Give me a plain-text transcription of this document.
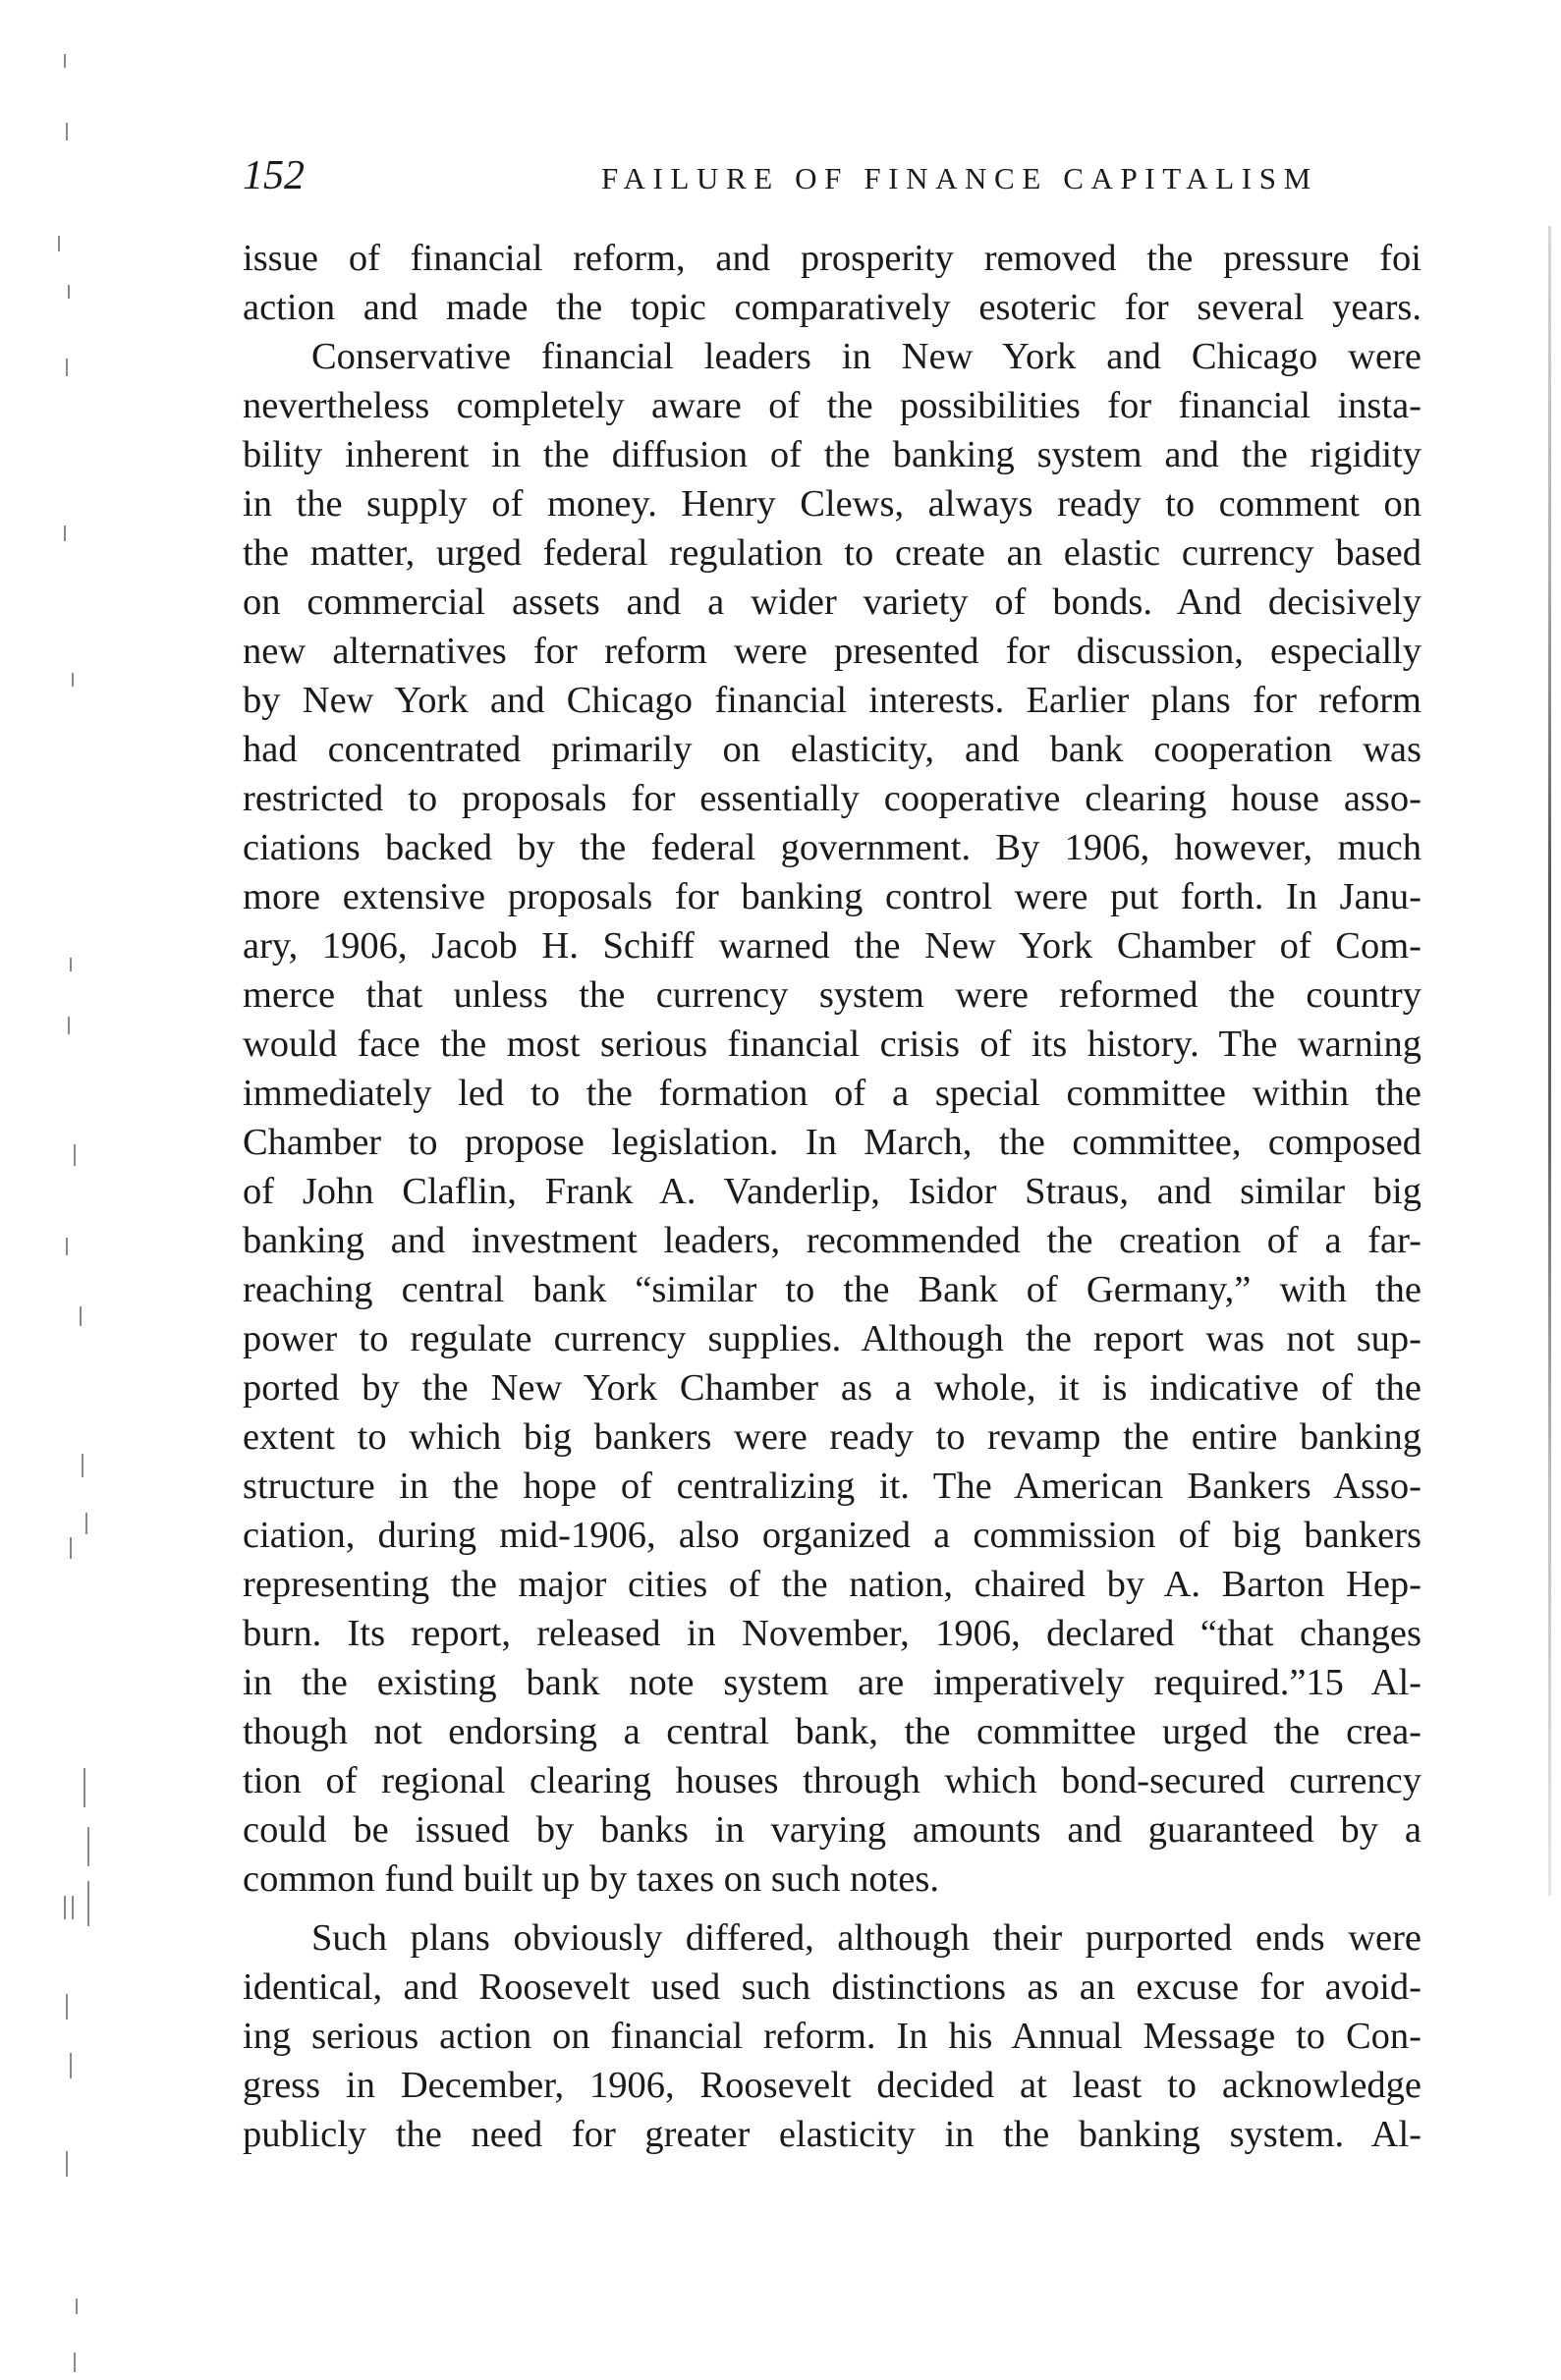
152	FAILURE OF FINANCE CAPITALISM
issue of financial reform, and prosperity removed the pressure foi
action and made the topic comparatively esoteric for several years.
Conservative financial leaders in New York and Chicago were
nevertheless completely aware of the possibilities for financial insta-
bility inherent in the diffusion of the banking system and the rigidity
in the supply of money. Henry Clews, always ready to comment on
the matter, urged federal regulation to create an elastic currency based
on commercial assets and a wider variety of bonds. And decisively
new alternatives for reform were presented for discussion, especially
by New York and Chicago financial interests. Earlier plans for reform
had concentrated primarily on elasticity, and bank cooperation was
restricted to proposals for essentially cooperative clearing house asso-
ciations backed by the federal government. By 1906, however, much
more extensive proposals for banking control were put forth. In Janu-
ary, 1906, Jacob H. Schiff warned the New York Chamber of Com-
merce that unless the currency system were reformed the country
would face the most serious financial crisis of its history. The warning
immediately led to the formation of a special committee within the
Chamber to propose legislation. In March, the committee, composed
of John Claflin, Frank A. Vanderlip, Isidor Straus, and similar big
banking and investment leaders, recommended the creation of a far-
reaching central bank “similar to the Bank of Germany,” with the
power to regulate currency supplies. Although the report was not sup-
ported by the New York Chamber as a whole, it is indicative of the
extent to which big bankers were ready to revamp the entire banking
structure in the hope of centralizing it. The American Bankers Asso-
ciation, during mid-1906, also organized a commission of big bankers
representing the major cities of the nation, chaired by A. Barton Hep-
burn. Its report, released in November, 1906, declared “that changes
in the existing bank note system are imperatively required.”15 Al-
though not endorsing a central bank, the committee urged the crea-
tion of regional clearing houses through which bond-secured currency
could be issued by banks in varying amounts and guaranteed by a
common fund built up by taxes on such notes.
Such plans obviously differed, although their purported ends were
identical, and Roosevelt used such distinctions as an excuse for avoid-
ing serious action on financial reform. In his Annual Message to Con-
gress in December, 1906, Roosevelt decided at least to acknowledge
publicly the need for greater elasticity in the banking system. Al-
